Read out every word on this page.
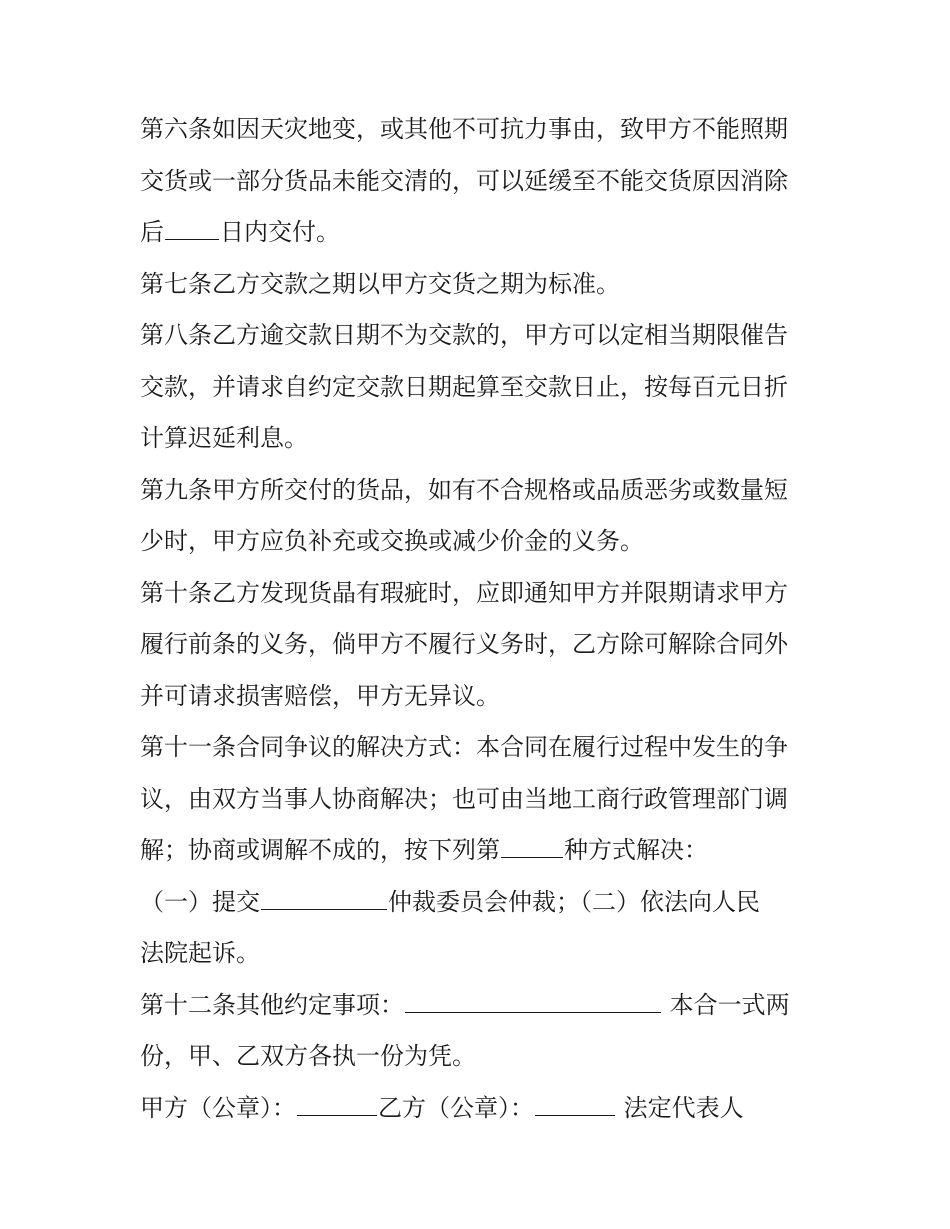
第六条如因天灾地变，或其他不可抗力事由，致甲方不能照期
交货或一部分货品未能交清的，可以延缓至不能交货原因消除
后 日内交付。
第七条乙方交款之期以甲方交货之期为标准。
第八条乙方逾交款日期不为交款的，甲方可以定相当期限催告
交款，并请求自约定交款日期起算至交款日止，按每百元日折
计算迟延利息。
第九条甲方所交付的货品，如有不合规格或品质恶劣或数量短
少时，甲方应负补充或交换或减少价金的义务。
第十条乙方发现货晶有瑕疵时，应即通知甲方并限期请求甲方
履行前条的义务，倘甲方不履行义务时，乙方除可解除合同外
并可请求损害赔偿，甲方无异议。
第十一条合同争议的解决方式：本合同在履行过程中发生的争
议，由双方当事人协商解决；也可由当地工商行政管理部门调
解；协商或调解不成的，按下列第	种方式解决：
（一）提交	仲裁委员会仲裁；（二）依法向人民
法院起诉。
第十二条其他约定事项：	本合一式两
份，甲、乙双方各执一份为凭。
甲方（公章）：	乙方（公章）：	法定代表人
